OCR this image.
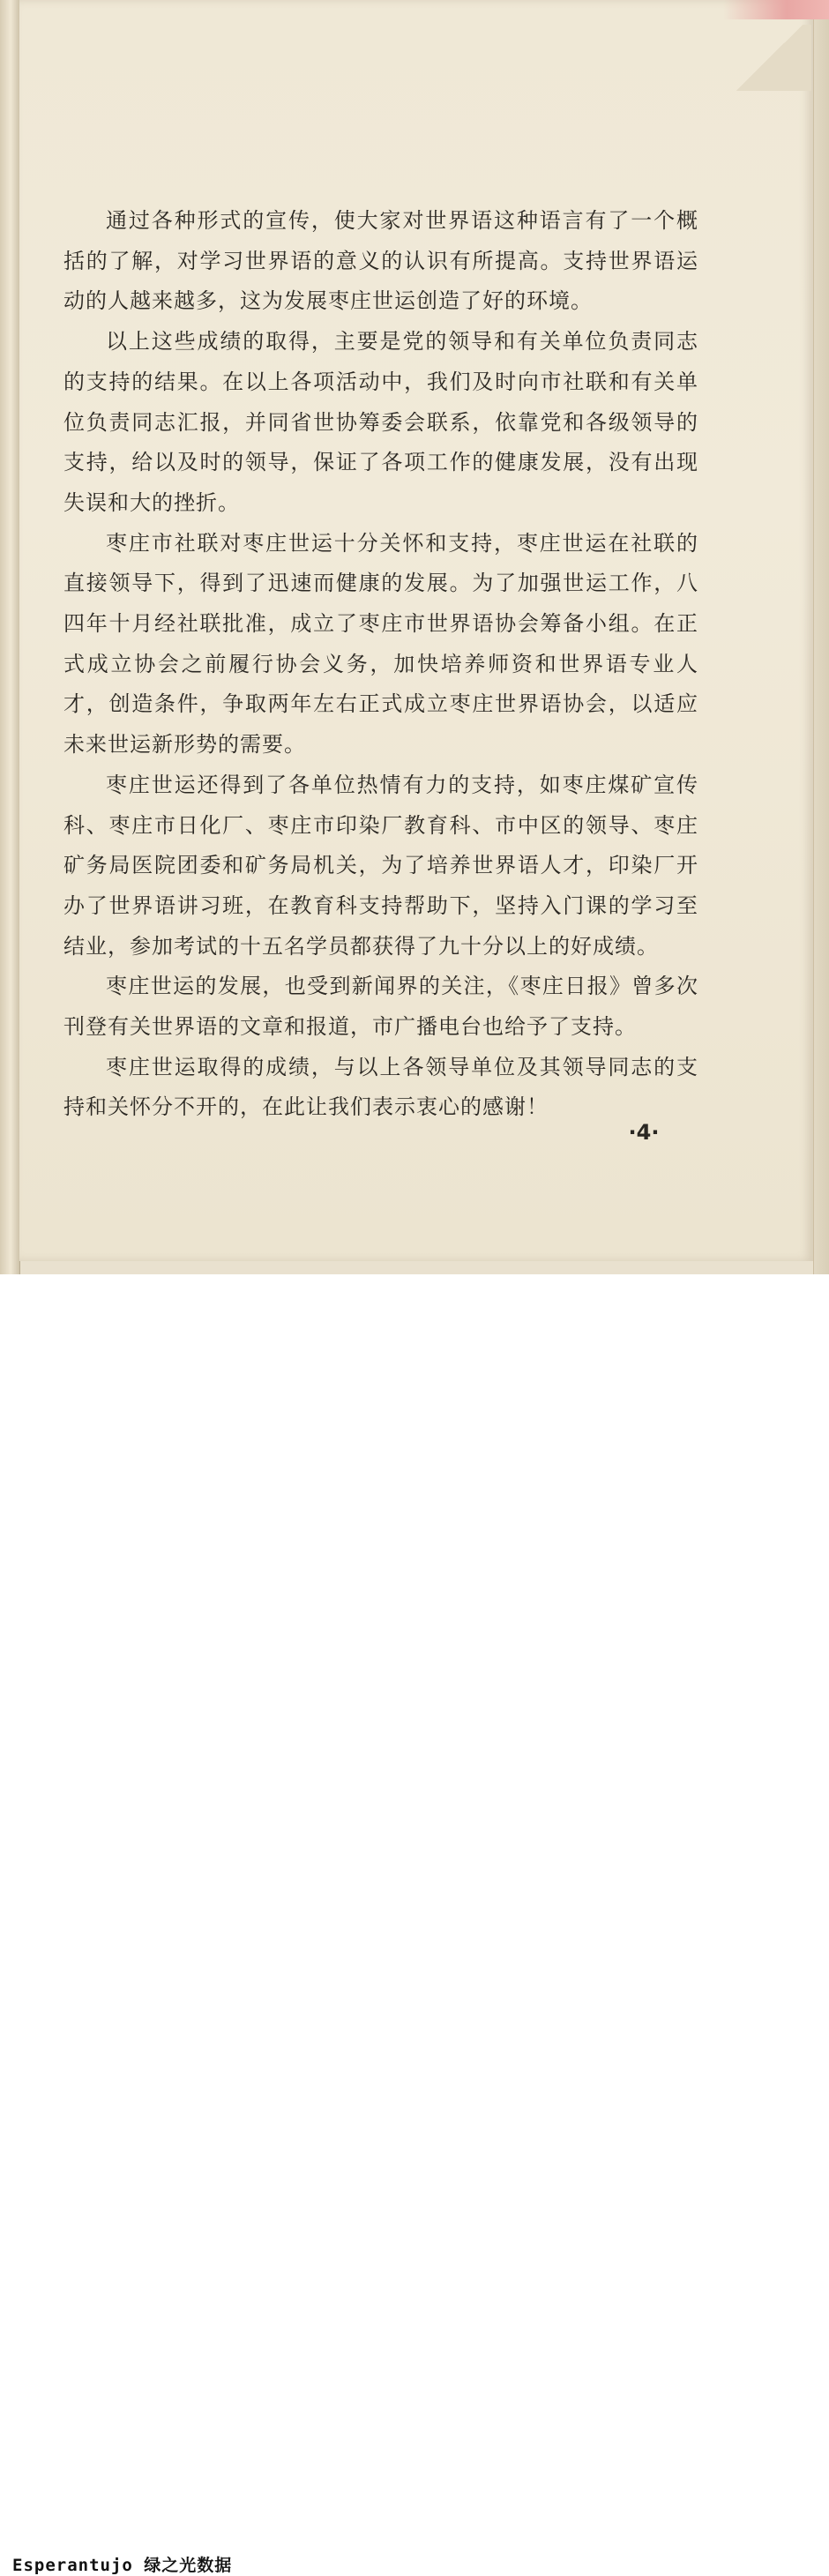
通过各种形式的宣传，使大家对世界语这种语言有了一个概括的了解，对学习世界语的意义的认识有所提高。支持世界语运动的人越来越多，这为发展枣庄世运创造了好的环境。

以上这些成绩的取得，主要是党的领导和有关单位负责同志的支持的结果。在以上各项活动中，我们及时向市社联和有关单位负责同志汇报，并同省世协筹委会联系，依靠党和各级领导的支持，给以及时的领导，保证了各项工作的健康发展，没有出现失误和大的挫折。

枣庄市社联对枣庄世运十分关怀和支持，枣庄世运在社联的直接领导下，得到了迅速而健康的发展。为了加强世运工作，八四年十月经社联批准，成立了枣庄市世界语协会筹备小组。在正式成立协会之前履行协会义务，加快培养师资和世界语专业人才，创造条件，争取两年左右正式成立枣庄世界语协会，以适应未来世运新形势的需要。

枣庄世运还得到了各单位热情有力的支持，如枣庄煤矿宣传科、枣庄市日化厂、枣庄市印染厂教育科、市中区的领导、枣庄矿务局医院团委和矿务局机关，为了培养世界语人才，印染厂开办了世界语讲习班，在教育科支持帮助下，坚持入门课的学习至结业，参加考试的十五名学员都获得了九十分以上的好成绩。

枣庄世运的发展，也受到新闻界的关注，《枣庄日报》曾多次刊登有关世界语的文章和报道，市广播电台也给予了支持。

枣庄世运取得的成绩，与以上各领导单位及其领导同志的支持和关怀分不开的，在此让我们表示衷心的感谢！

·4·
Esperantujo 绿之光数据
